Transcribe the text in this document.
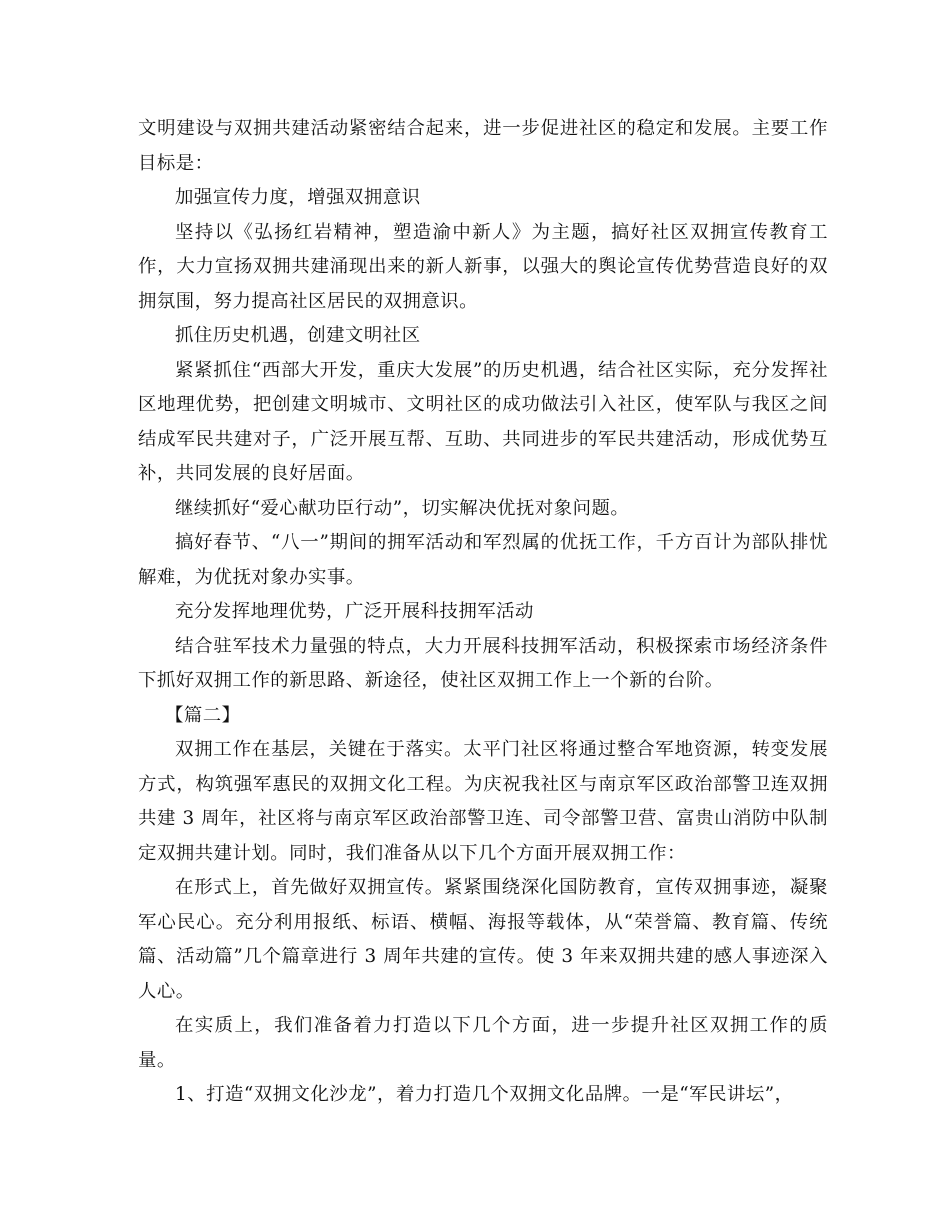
文明建设与双拥共建活动紧密结合起来，进一步促进社区的稳定和发展。主要工作目标是：

加强宣传力度，增强双拥意识

坚持以《弘扬红岩精神，塑造渝中新人》为主题，搞好社区双拥宣传教育工作，大力宣扬双拥共建涌现出来的新人新事，以强大的舆论宣传优势营造良好的双拥氛围，努力提高社区居民的双拥意识。

抓住历史机遇，创建文明社区

紧紧抓住“西部大开发，重庆大发展”的历史机遇，结合社区实际，充分发挥社区地理优势，把创建文明城市、文明社区的成功做法引入社区，使军队与我区之间结成军民共建对子，广泛开展互帮、互助、共同进步的军民共建活动，形成优势互补，共同发展的良好居面。

继续抓好“爱心献功臣行动”，切实解决优抚对象问题。

搞好春节、“八一”期间的拥军活动和军烈属的优抚工作，千方百计为部队排忧解难，为优抚对象办实事。

充分发挥地理优势，广泛开展科技拥军活动

结合驻军技术力量强的特点，大力开展科技拥军活动，积极探索市场经济条件下抓好双拥工作的新思路、新途径，使社区双拥工作上一个新的台阶。

【篇二】

双拥工作在基层，关键在于落实。太平门社区将通过整合军地资源，转变发展方式，构筑强军惠民的双拥文化工程。为庆祝我社区与南京军区政治部警卫连双拥共建 3 周年，社区将与南京军区政治部警卫连、司令部警卫营、富贵山消防中队制定双拥共建计划。同时，我们准备从以下几个方面开展双拥工作：

在形式上，首先做好双拥宣传。紧紧围绕深化国防教育，宣传双拥事迹，凝聚军心民心。充分利用报纸、标语、横幅、海报等载体，从“荣誉篇、教育篇、传统篇、活动篇”几个篇章进行 3 周年共建的宣传。使 3 年来双拥共建的感人事迹深入人心。

在实质上，我们准备着力打造以下几个方面，进一步提升社区双拥工作的质量。

1、打造“双拥文化沙龙”，着力打造几个双拥文化品牌。一是“军民讲坛”，
